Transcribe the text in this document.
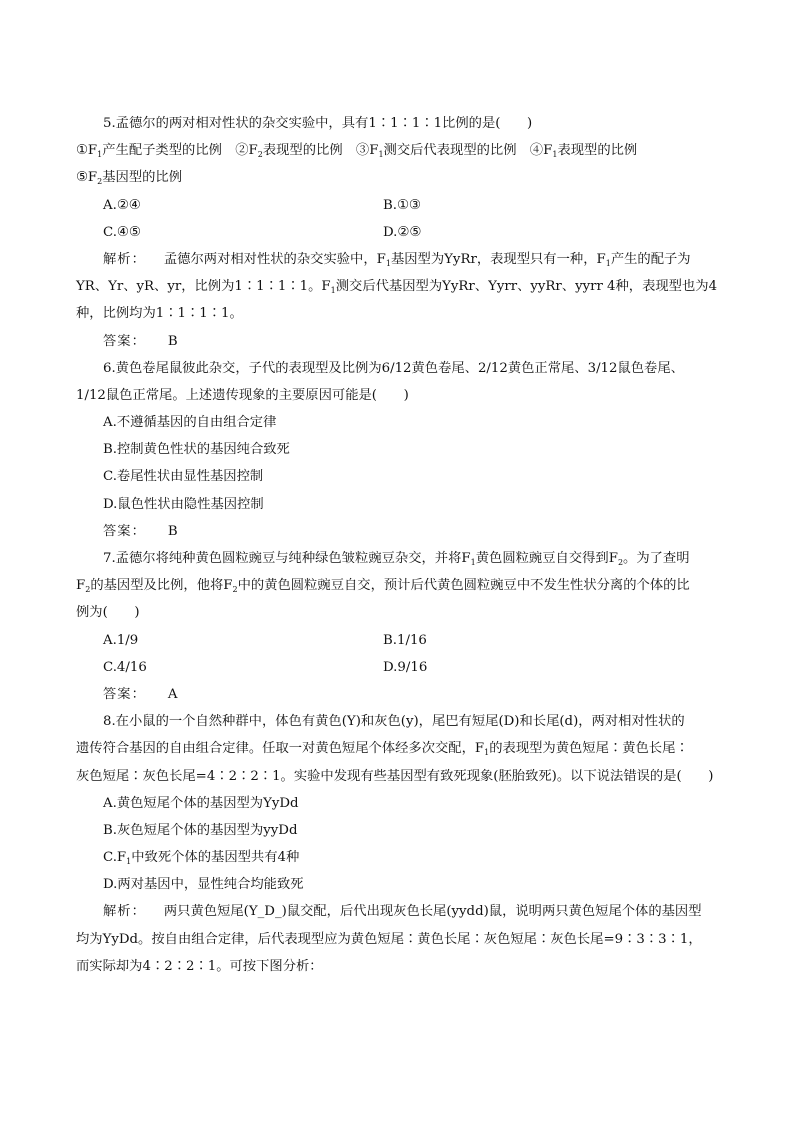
5.孟德尔的两对相对性状的杂交实验中，具有1∶1∶1∶1比例的是(　　)
$①F_1$产生配子类型的比例　$②F_2$表现型的比例　$③F_1$测交后代表现型的比例　$④F_1$表现型的比例
$⑤F_2$基因型的比例
A.②④	B.①③
C.④⑤	D.②⑤
解析： 孟德尔两对相对性状的杂交实验中，$F_1$基因型为YyRr，表现型只有一种，$F_1$产生的配子为
YR、Yr、yR、yr，比例为1∶1∶1∶1。$F_1$测交后代基因型为YyRr、Yyrr、yyRr、yyrr 4种，表现型也为4
种，比例均为1∶1∶1∶1。
答案： B
6.黄色卷尾鼠彼此杂交，子代的表现型及比例为6/12黄色卷尾、2/12黄色正常尾、3/12鼠色卷尾、
1/12鼠色正常尾。上述遗传现象的主要原因可能是(　　)
A.不遵循基因的自由组合定律
B.控制黄色性状的基因纯合致死
C.卷尾性状由显性基因控制
D.鼠色性状由隐性基因控制
答案： B
7.孟德尔将纯种黄色圆粒豌豆与纯种绿色皱粒豌豆杂交，并将$F_1$黄色圆粒豌豆自交得到$F_2$。为了查明
$F_2$的基因型及比例，他将$F_2$中的黄色圆粒豌豆自交，预计后代黄色圆粒豌豆中不发生性状分离的个体的比
例为(　　)
A.1/9	B.1/16
C.4/16	D.9/16
答案： A
8.在小鼠的一个自然种群中，体色有黄色(Y)和灰色(y)，尾巴有短尾(D)和长尾(d)，两对相对性状的
遗传符合基因的自由组合定律。任取一对黄色短尾个体经多次交配，$F_1$的表现型为黄色短尾∶黄色长尾∶
灰色短尾∶灰色长尾=4∶2∶2∶1。实验中发现有些基因型有致死现象(胚胎致死)。以下说法错误的是(　　)
A.黄色短尾个体的基因型为YyDd
B.灰色短尾个体的基因型为yyDd
$C.F_1$中致死个体的基因型共有4种
D.两对基因中，显性纯合均能致死
解析： 两只黄色短尾(Y_D_)鼠交配，后代出现灰色长尾(yydd)鼠，说明两只黄色短尾个体的基因型
均为YyDd。按自由组合定律，后代表现型应为黄色短尾∶黄色长尾∶灰色短尾∶灰色长尾=9∶3∶3∶1，
而实际却为4∶2∶2∶1。可按下图分析：
